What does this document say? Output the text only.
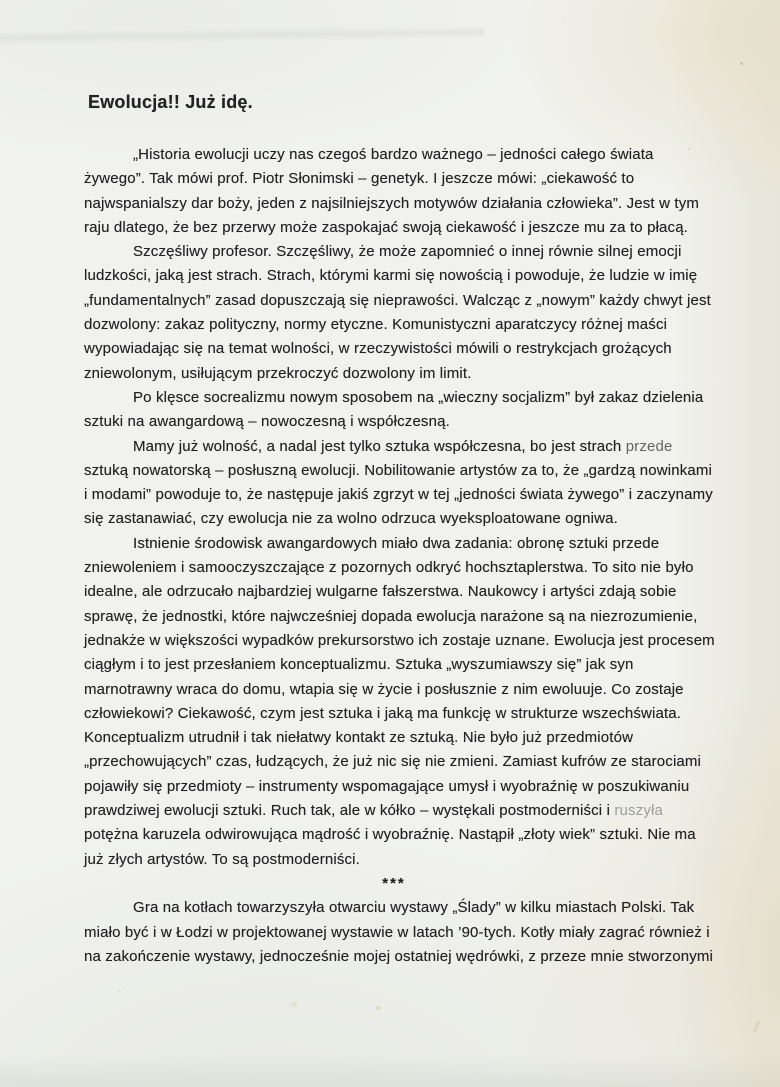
Ewolucja!! Już idę.
„Historia ewolucji uczy nas czegoś bardzo ważnego – jedności całego świata
żywego”. Tak mówi prof. Piotr Słonimski – genetyk. I jeszcze mówi: „ciekawość to
najwspanialszy dar boży, jeden z najsilniejszych motywów działania człowieka”. Jest w tym
raju dlatego, że bez przerwy może zaspokajać swoją ciekawość i jeszcze mu za to płacą.
Szczęśliwy profesor. Szczęśliwy, że może zapomnieć o innej równie silnej emocji
ludzkości, jaką jest strach. Strach, którymi karmi się nowością i powoduje, że ludzie w imię
„fundamentalnych” zasad dopuszczają się nieprawości. Walcząc z „nowym” każdy chwyt jest
dozwolony: zakaz polityczny, normy etyczne. Komunistyczni aparatczycy różnej maści
wypowiadając się na temat wolności, w rzeczywistości mówili o restrykcjach grożących
zniewolonym, usiłującym przekroczyć dozwolony im limit.
Po klęsce socrealizmu nowym sposobem na „wieczny socjalizm” był zakaz dzielenia
sztuki na awangardową – nowoczesną i współczesną.
Mamy już wolność, a nadal jest tylko sztuka współczesna, bo jest strach przede
sztuką nowatorską – posłuszną ewolucji. Nobilitowanie artystów za to, że „gardzą nowinkami
i modami” powoduje to, że następuje jakiś zgrzyt w tej „jedności świata żywego” i zaczynamy
się zastanawiać, czy ewolucja nie za wolno odrzuca wyeksploatowane ogniwa.
Istnienie środowisk awangardowych miało dwa zadania: obronę sztuki przede
zniewoleniem i samooczyszczające z pozornych odkryć hochsztaplerstwa. To sito nie było
idealne, ale odrzucało najbardziej wulgarne fałszerstwa. Naukowcy i artyści zdają sobie
sprawę, że jednostki, które najwcześniej dopada ewolucja narażone są na niezrozumienie,
jednakże w większości wypadków prekursorstwo ich zostaje uznane. Ewolucja jest procesem
ciągłym i to jest przesłaniem konceptualizmu. Sztuka „wyszumiawszy się” jak syn
marnotrawny wraca do domu, wtapia się w życie i posłusznie z nim ewoluuje. Co zostaje
człowiekowi? Ciekawość, czym jest sztuka i jaką ma funkcję w strukturze wszechświata.
Konceptualizm utrudnił i tak niełatwy kontakt ze sztuką. Nie było już przedmiotów
„przechowujących” czas, łudzących, że już nic się nie zmieni. Zamiast kufrów ze starociami
pojawiły się przedmioty – instrumenty wspomagające umysł i wyobraźnię w poszukiwaniu
prawdziwej ewolucji sztuki. Ruch tak, ale w kółko – wystękali postmoderniści i ruszyła
potężna karuzela odwirowująca mądrość i wyobraźnię. Nastąpił „złoty wiek” sztuki. Nie ma
już złych artystów. To są postmoderniści.
***
Gra na kotłach towarzyszyła otwarciu wystawy „Ślady” w kilku miastach Polski. Tak
miało być i w Łodzi w projektowanej wystawie w latach ’90-tych. Kotły miały zagrać również i
na zakończenie wystawy, jednocześnie mojej ostatniej wędrówki, z przeze mnie stworzonymi
